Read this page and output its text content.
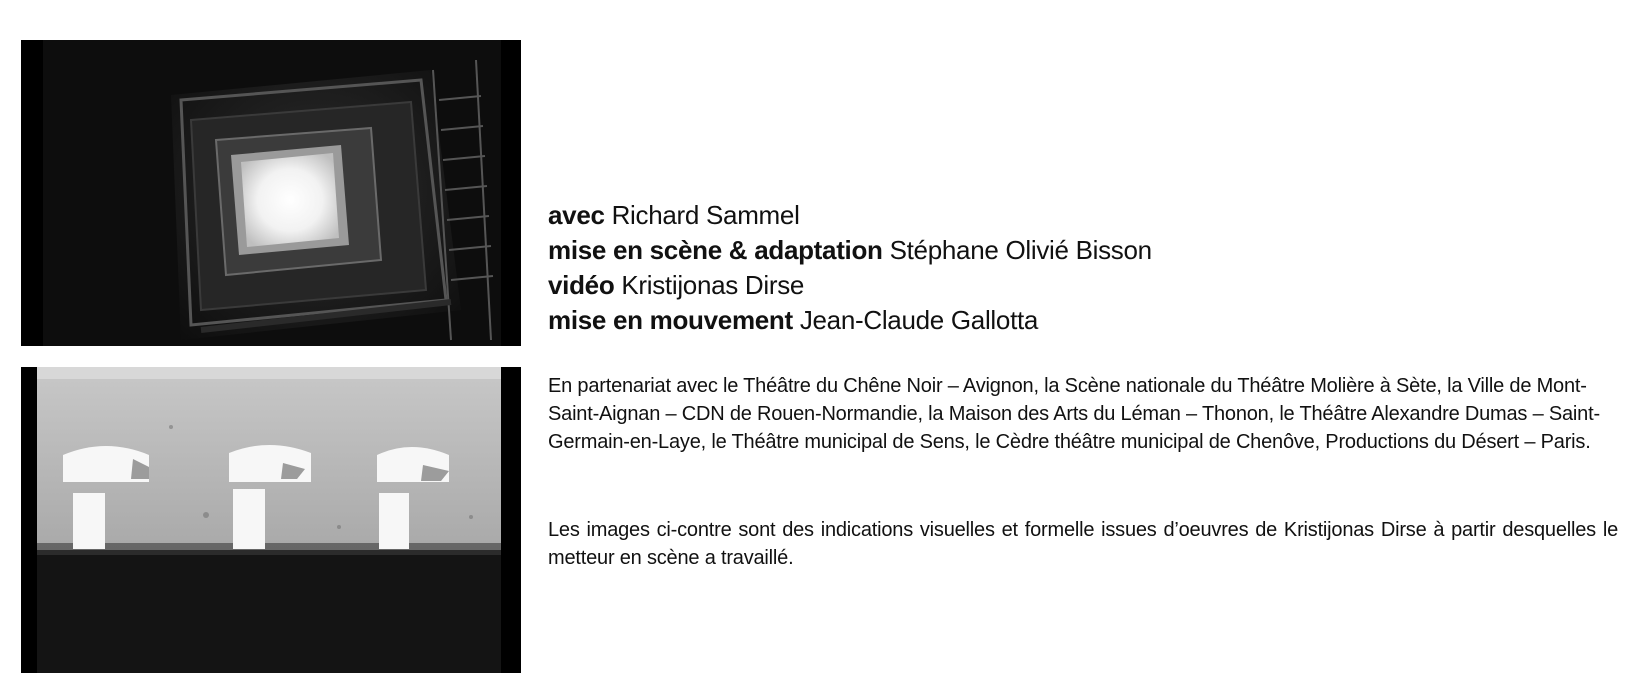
avec Richard Sammel
mise en scène & adaptation Stéphane Olivié Bisson
vidéo Kristijonas Dirse
mise en mouvement Jean-Claude Gallotta

En partenariat avec le Théâtre du Chêne Noir – Avignon, la Scène nationale du Théâtre Molière à Sète, la Ville de Mont-Saint-Aignan – CDN de Rouen-Normandie, la Maison des Arts du Léman – Thonon, le Théâtre Alexandre Dumas – Saint-Germain-en-Laye, le Théâtre municipal de Sens, le Cèdre théâtre municipal de Chenôve, Productions du Désert – Paris.

Les images ci-contre sont des indications visuelles et formelle issues d’oeuvres de Kristijonas Dirse à partir desquelles le metteur en scène a travaillé.
